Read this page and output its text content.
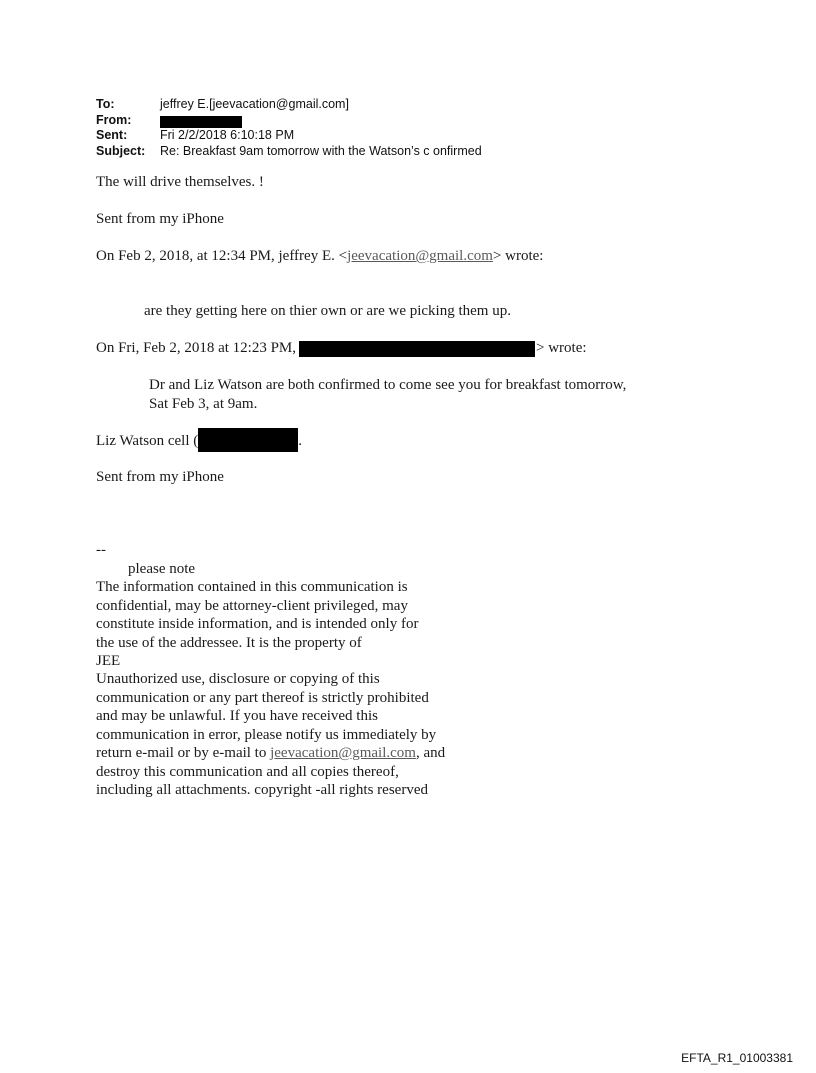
To:	jeffrey E.[jeevacation@gmail.com]
From:
Sent:	Fri 2/2/2018 6:10:18 PM
Subject: Re: Breakfast 9am tomorrow with the Watson’s c onfirmed
The will drive themselves. !
Sent from my iPhone
On Feb 2, 2018, at 12:34 PM, jeffrey E. <jeevacation@gmail.com> wrote:
are they getting here on thier own or are we picking them up.
On Fri, Feb 2, 2018 at 12:23 PM,	> wrote:
Dr and Liz Watson are both confirmed to come see you for breakfast tomorrow,
Sat Feb 3, at 9am.
Liz Watson cell (	.
Sent from my iPhone
--
please note
The information contained in this communication is
confidential, may be attorney-client privileged, may
constitute inside information, and is intended only for
the use of the addressee. It is the property of
JEE
Unauthorized use, disclosure or copying of this
communication or any part thereof is strictly prohibited
and may be unlawful. If you have received this
communication in error, please notify us immediately by
return e-mail or by e-mail to jeevacation@gmail.com, and
destroy this communication and all copies thereof,
including all attachments. copyright -all rights reserved
EFTA_R1_01003381
